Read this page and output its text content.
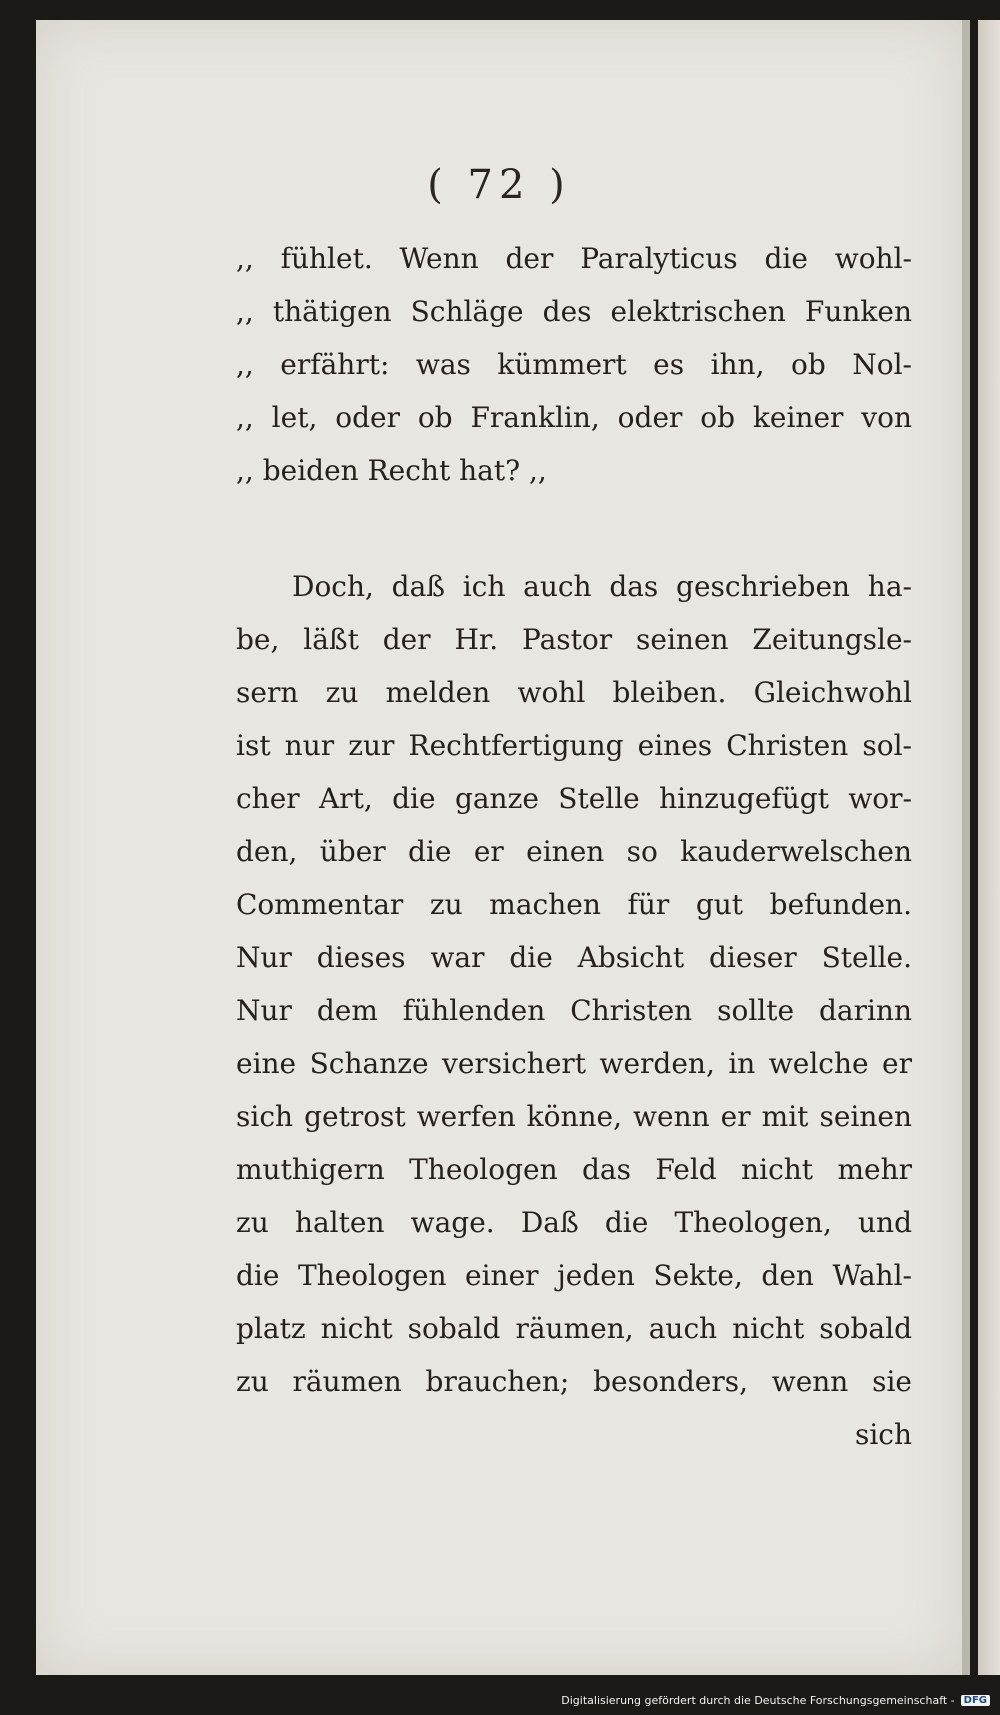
( 72 )
,, fühlet. Wenn der Paralyticus die wohl-
,, thätigen Schläge des elektrischen Funken
,, erfährt: was kümmert es ihn, ob Nol-
,, let, oder ob Franklin, oder ob keiner von
,, beiden Recht hat? ,,
Doch, daß ich auch das geschrieben ha-
be, läßt der Hr. Pastor seinen Zeitungsle-
sern zu melden wohl bleiben. Gleichwohl
ist nur zur Rechtfertigung eines Christen sol-
cher Art, die ganze Stelle hinzugefügt wor-
den, über die er einen so kauderwelschen
Commentar zu machen für gut befunden.
Nur dieses war die Absicht dieser Stelle.
Nur dem fühlenden Christen sollte darinn
eine Schanze versichert werden, in welche er
sich getrost werfen könne, wenn er mit seinen
muthigern Theologen das Feld nicht mehr
zu halten wage. Daß die Theologen, und
die Theologen einer jeden Sekte, den Wahl-
platz nicht sobald räumen, auch nicht sobald
zu räumen brauchen; besonders, wenn sie
sich
Digitalisierung gefördert durch die Deutsche Forschungsgemeinschaft - DFG
